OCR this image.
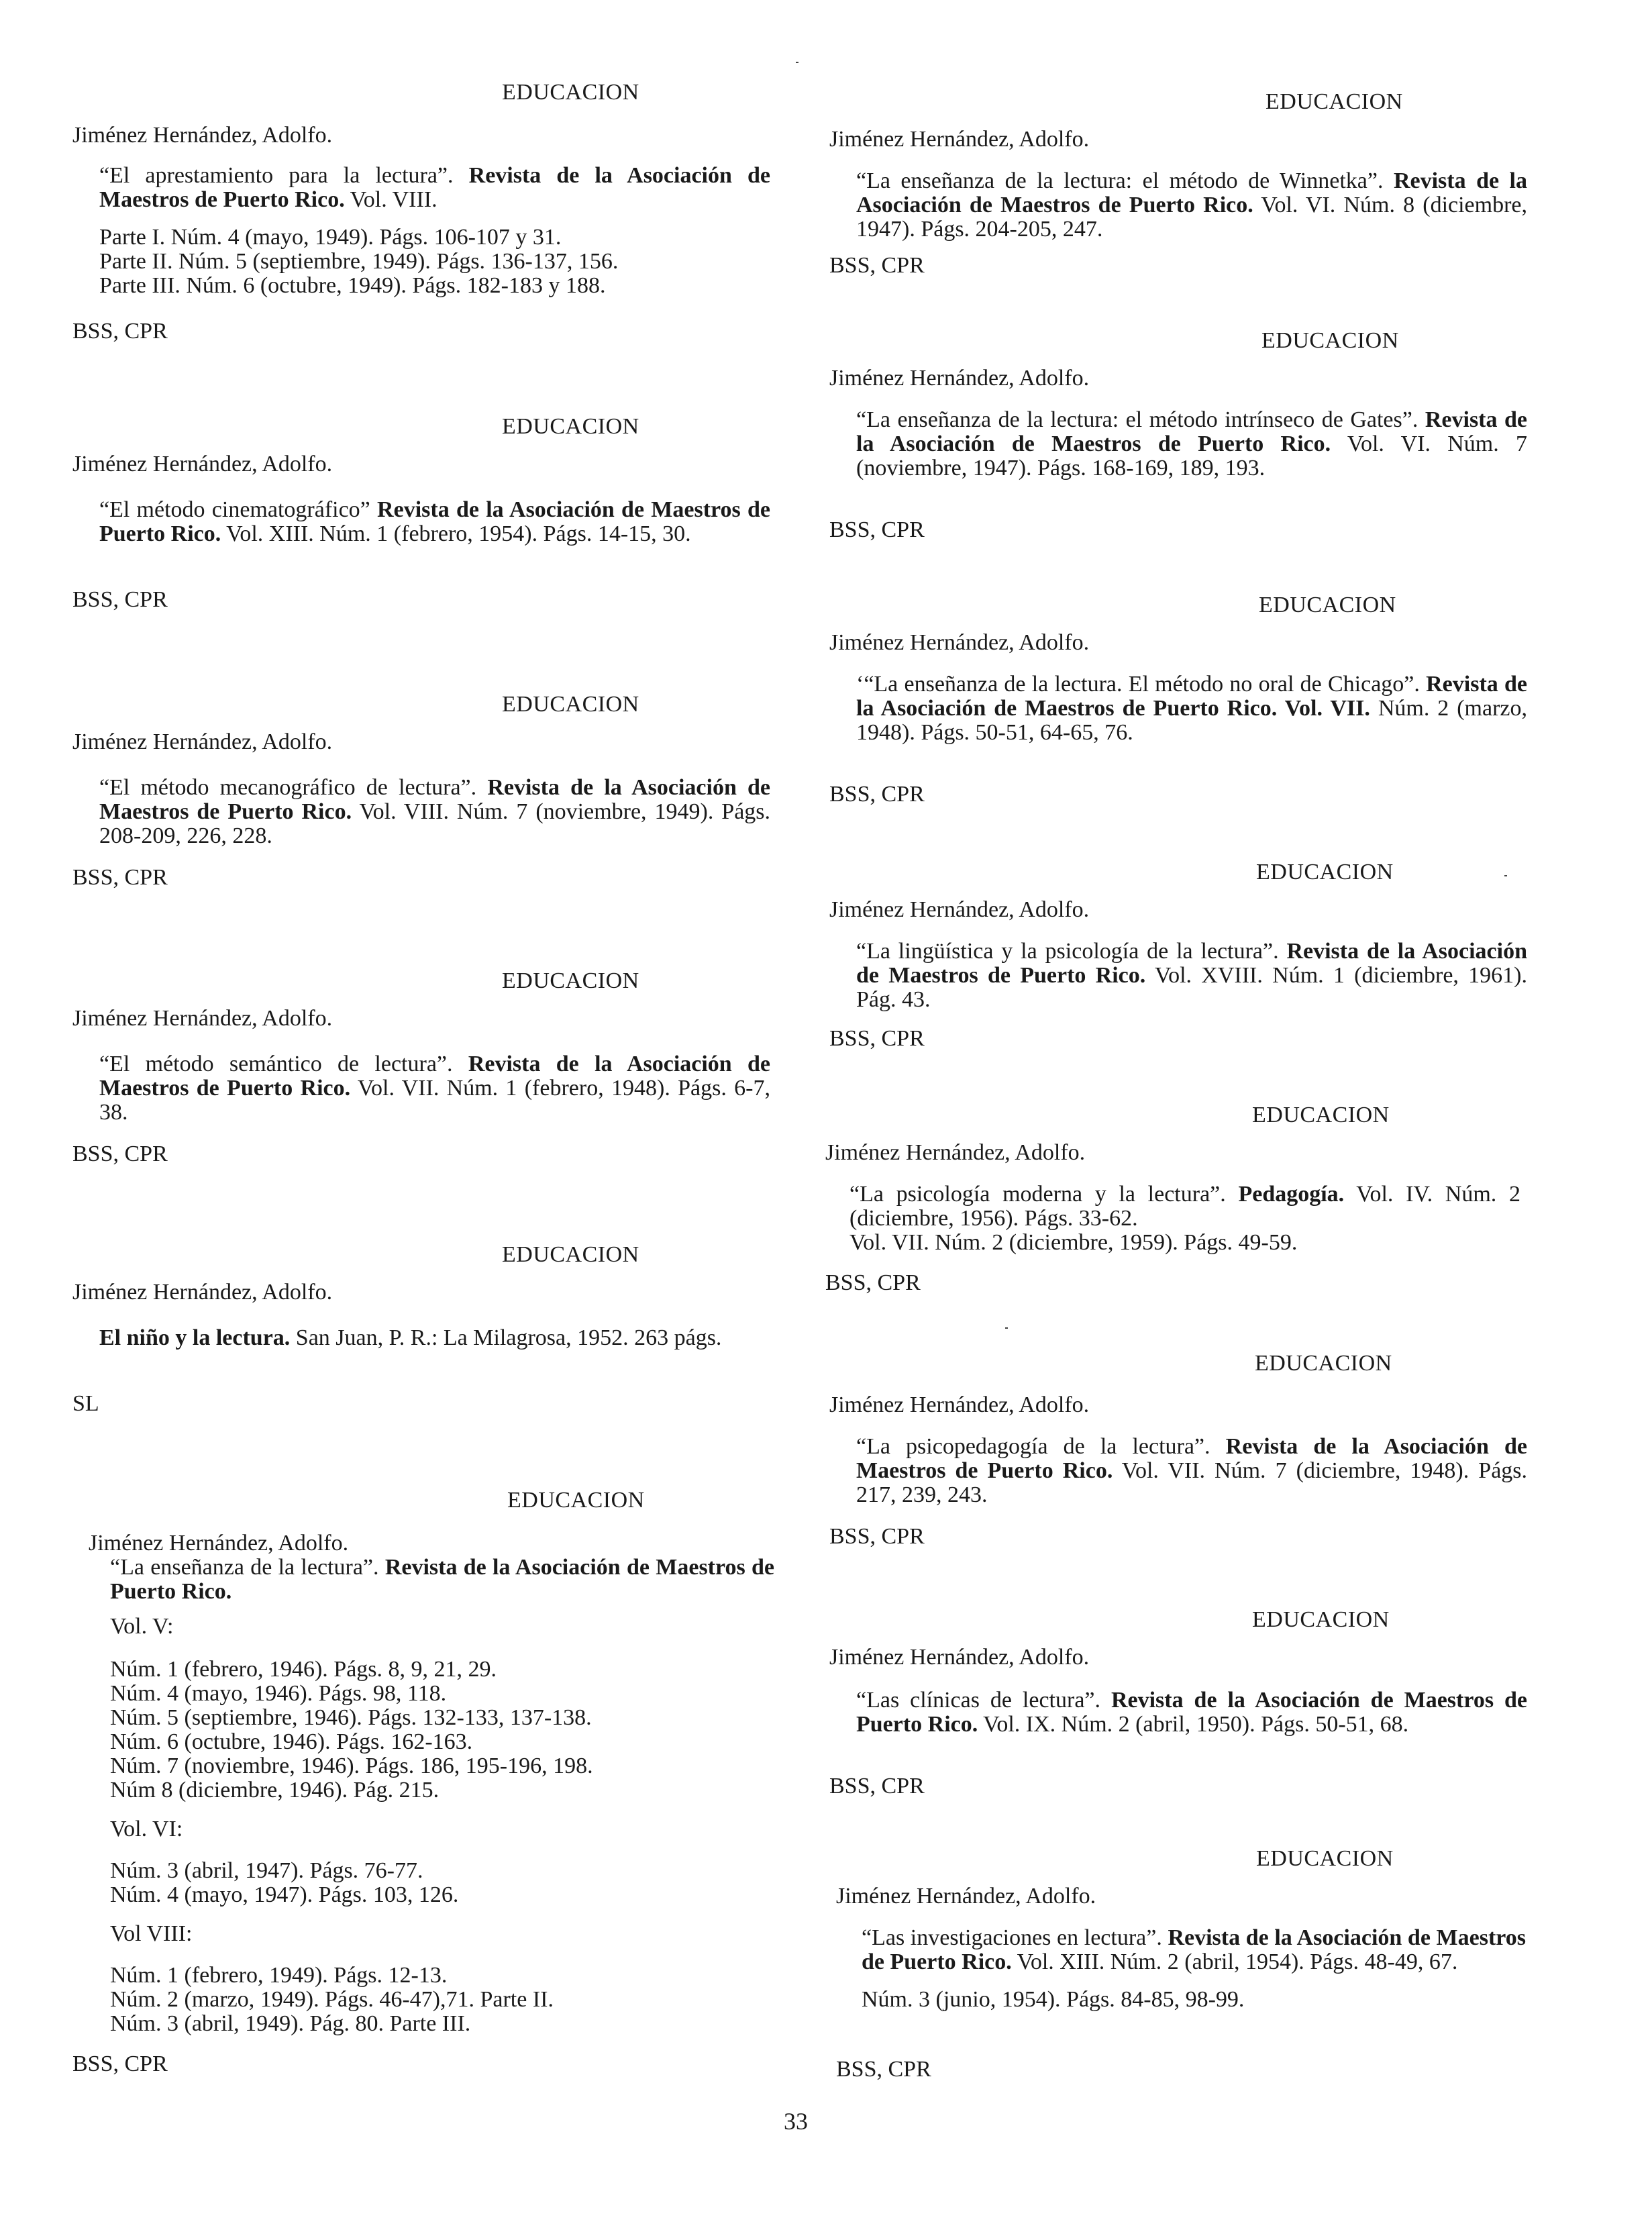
EDUCACION
Jiménez Hernández, Adolfo.

“El aprestamiento para la lectura”. Revista de la Asociación de Maestros de Puerto Rico. Vol. VIII.

Parte I. Núm. 4 (mayo, 1949). Págs. 106-107 y 31.

Parte II. Núm. 5 (septiembre, 1949). Págs. 136-137, 156.

Parte III. Núm. 6 (octubre, 1949). Págs. 182-183 y 188.

BSS, CPR
EDUCACION
Jiménez Hernández, Adolfo.

“El método cinematográfico” Revista de la Asociación de Maestros de Puerto Rico. Vol. XIII. Núm. 1 (febrero, 1954). Págs. 14-15, 30.

BSS, CPR
EDUCACION
Jiménez Hernández, Adolfo.

“El método mecanográfico de lectura”. Revista de la Asociación de Maestros de Puerto Rico. Vol. VIII. Núm. 7 (noviembre, 1949). Págs. 208-209, 226, 228.

BSS, CPR
EDUCACION
Jiménez Hernández, Adolfo.

“El método semántico de lectura”. Revista de la Asociación de Maestros de Puerto Rico. Vol. VII. Núm. 1 (febrero, 1948). Págs. 6-7, 38.

BSS, CPR
EDUCACION
Jiménez Hernández, Adolfo.

El niño y la lectura. San Juan, P. R.: La Milagrosa, 1952. 263 págs.

SL
EDUCACION
Jiménez Hernández, Adolfo.

“La enseñanza de la lectura”. Revista de la Asociación de Maestros de Puerto Rico.

Vol. V:

Núm. 1 (febrero, 1946). Págs. 8, 9, 21, 29.

Núm. 4 (mayo, 1946). Págs. 98, 118.

Núm. 5 (septiembre, 1946). Págs. 132-133, 137-138.

Núm. 6 (octubre, 1946). Págs. 162-163.

Núm. 7 (noviembre, 1946). Págs. 186, 195-196, 198.

Núm 8 (diciembre, 1946). Pág. 215.

Vol. VI:

Núm. 3 (abril, 1947). Págs. 76-77.

Núm. 4 (mayo, 1947). Págs. 103, 126.

Vol VIII:

Núm. 1 (febrero, 1949). Págs. 12-13.

Núm. 2 (marzo, 1949). Págs. 46-47),71. Parte II.

Núm. 3 (abril, 1949). Pág. 80. Parte III.

BSS, CPR
EDUCACION
Jiménez Hernández, Adolfo.

“La enseñanza de la lectura: el método de Winnetka”. Revista de la Asociación de Maestros de Puerto Rico. Vol. VI. Núm. 8 (diciembre, 1947). Págs. 204-205, 247.

BSS, CPR
EDUCACION
Jiménez Hernández, Adolfo.

“La enseñanza de la lectura: el método intrínseco de Gates”. Revista de la Asociación de Maestros de Puerto Rico. Vol. VI. Núm. 7 (noviembre, 1947). Págs. 168-169, 189, 193.

BSS, CPR
EDUCACION
Jiménez Hernández, Adolfo.

‘“La enseñanza de la lectura. El método no oral de Chicago”. Revista de la Asociación de Maestros de Puerto Rico. Vol. VII. Núm. 2 (marzo, 1948). Págs. 50-51, 64-65, 76.

BSS, CPR
EDUCACION
Jiménez Hernández, Adolfo.

“La lingüística y la psicología de la lectura”. Revista de la Asociación de Maestros de Puerto Rico. Vol. XVIII. Núm. 1 (diciembre, 1961). Pág. 43.

BSS, CPR
EDUCACION
Jiménez Hernández, Adolfo.

“La psicología moderna y la lectura”. Pedagogía. Vol. IV. Núm. 2 (diciembre, 1956). Págs. 33-62.

Vol. VII. Núm. 2 (diciembre, 1959). Págs. 49-59.

BSS, CPR
EDUCACION
Jiménez Hernández, Adolfo.

“La psicopedagogía de la lectura”. Revista de la Asociación de Maestros de Puerto Rico. Vol. VII. Núm. 7 (diciembre, 1948). Págs. 217, 239, 243.

BSS, CPR
EDUCACION
Jiménez Hernández, Adolfo.

“Las clínicas de lectura”. Revista de la Asociación de Maestros de Puerto Rico. Vol. IX. Núm. 2 (abril, 1950). Págs. 50-51, 68.

BSS, CPR
EDUCACION
Jiménez Hernández, Adolfo.

“Las investigaciones en lectura”. Revista de la Asociación de Maestros de Puerto Rico. Vol. XIII. Núm. 2 (abril, 1954). Págs. 48-49, 67.

Núm. 3 (junio, 1954). Págs. 84-85, 98-99.

BSS, CPR
33
